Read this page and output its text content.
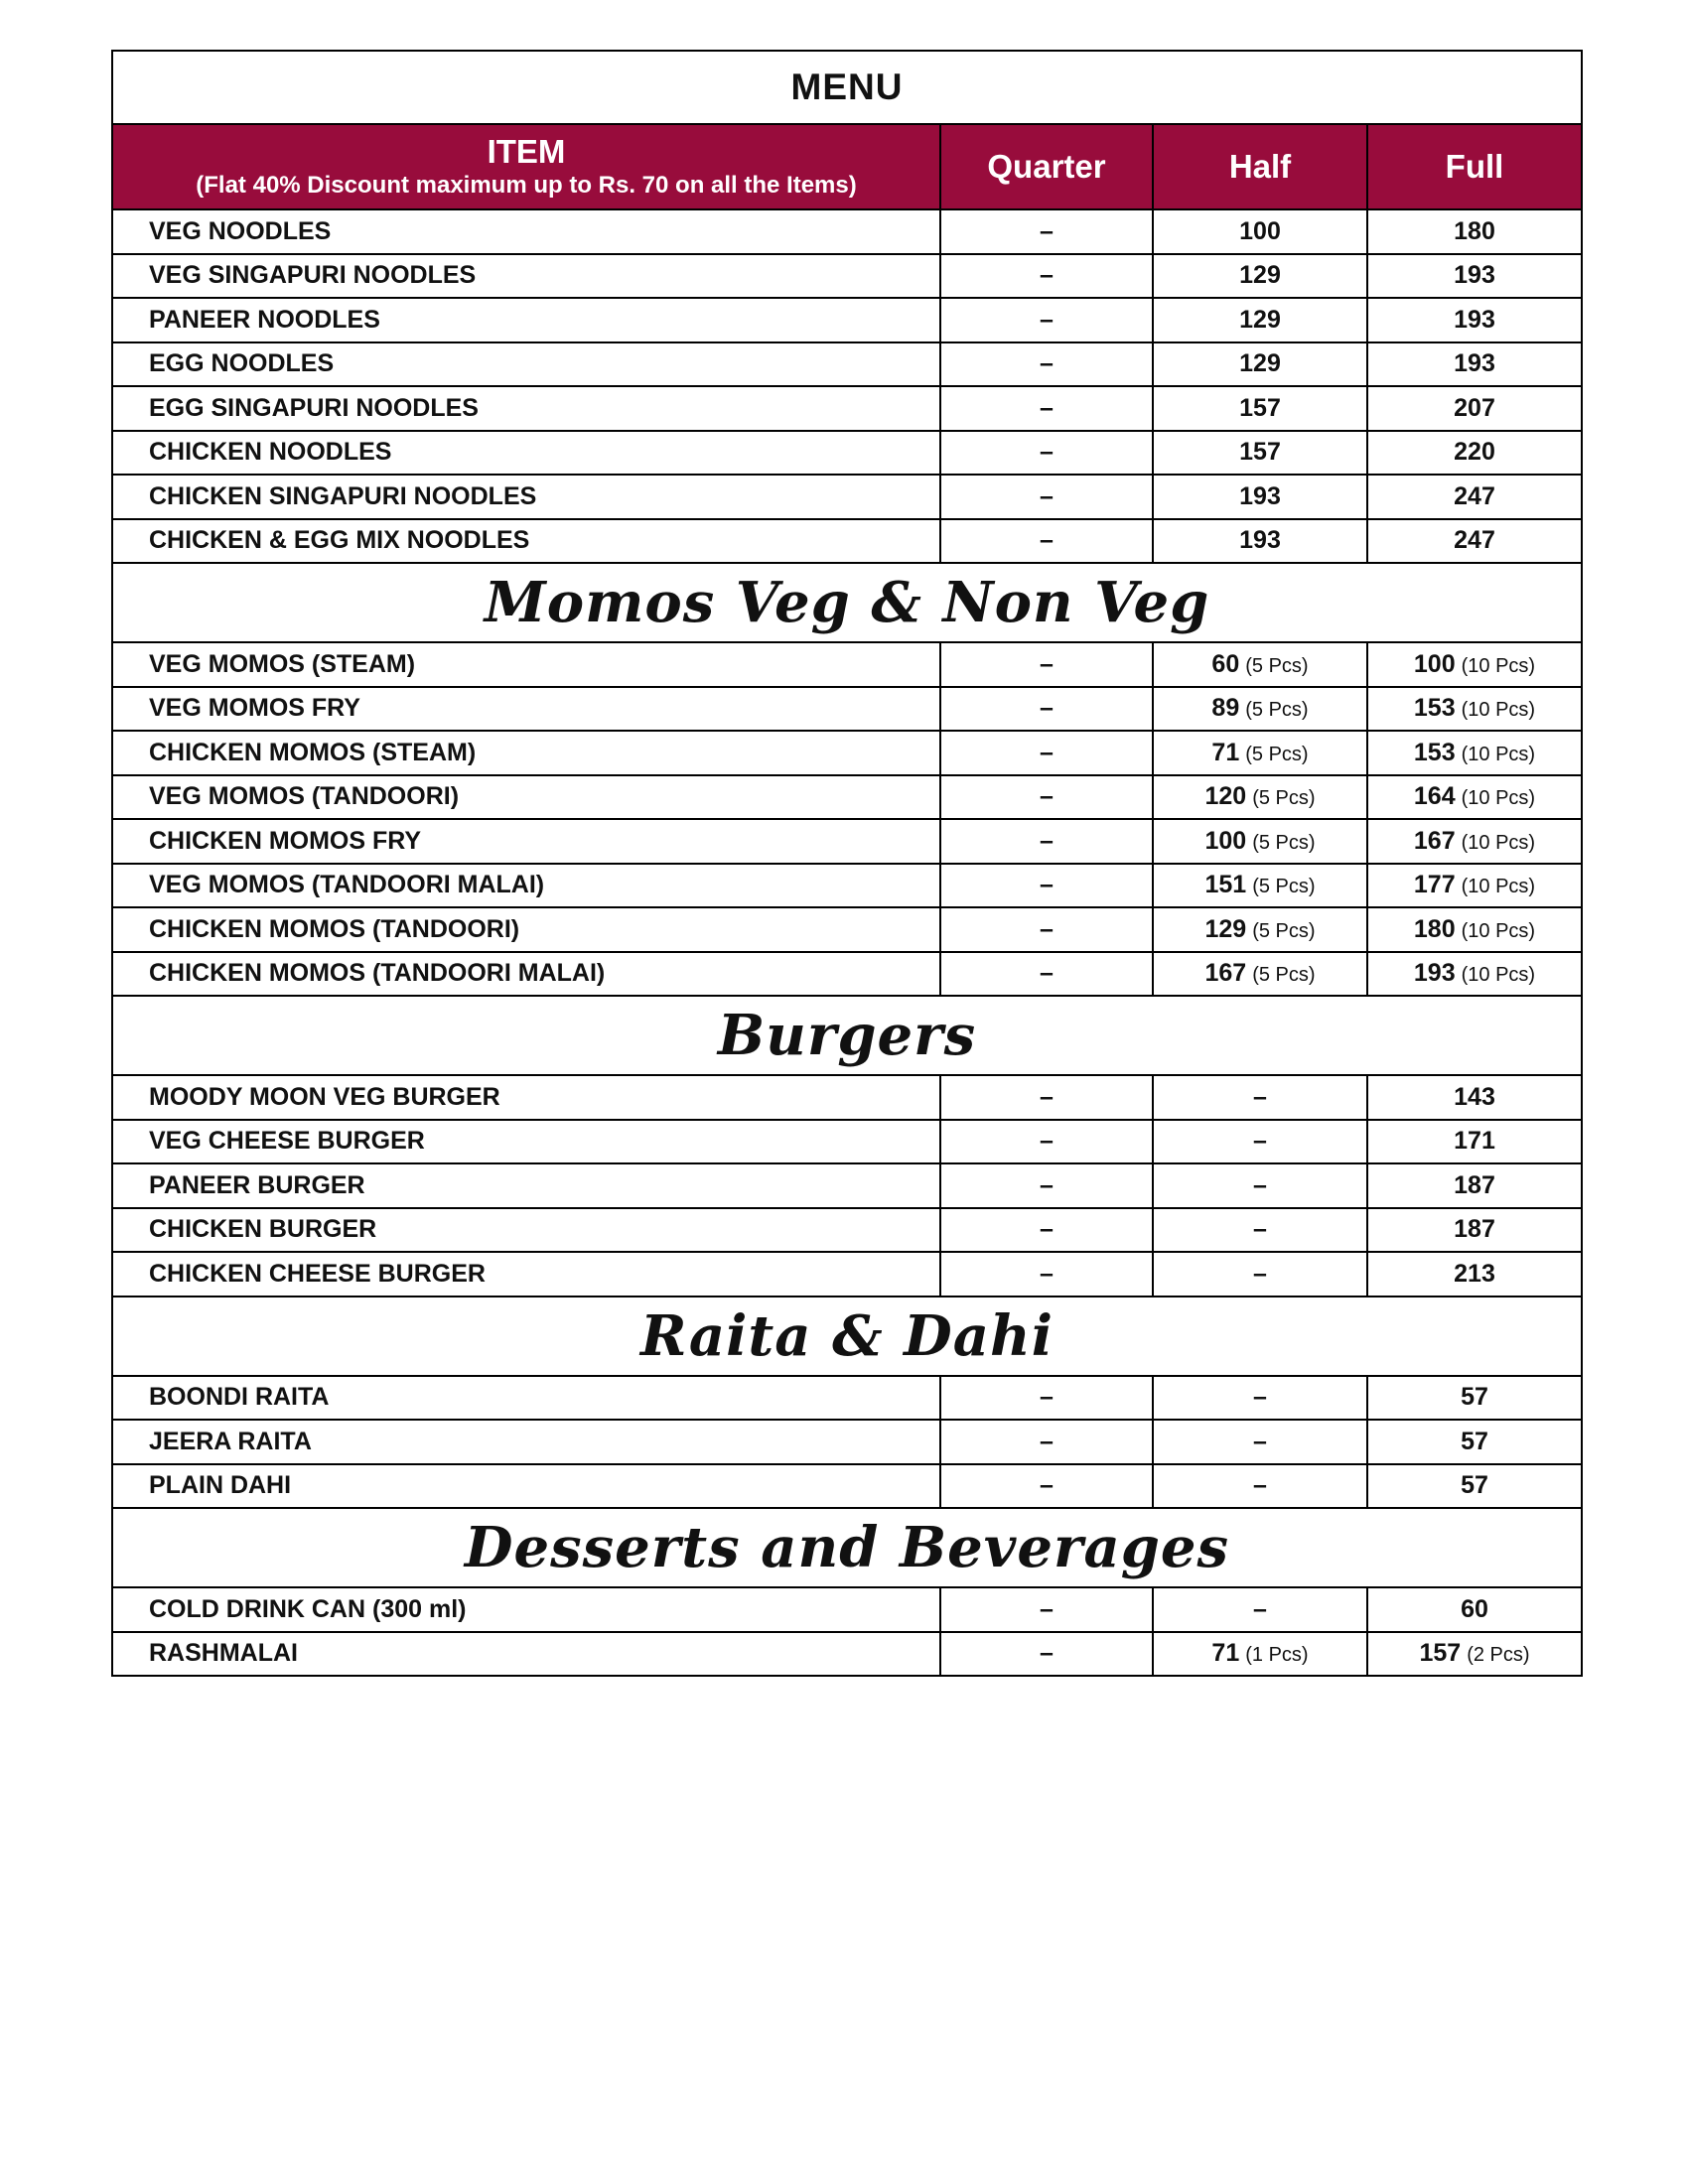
MENU			

ITEM
(Flat 40% Discount maximum up to Rs. 70 on all the Items)	Quarter	Half	Full
VEG NOODLES	–	100	180
VEG SINGAPURI NOODLES	–	129	193
PANEER NOODLES	–	129	193
EGG NOODLES	–	129	193
EGG SINGAPURI NOODLES	–	157	207
CHICKEN NOODLES	–	157	220
CHICKEN SINGAPURI NOODLES	–	193	247
CHICKEN & EGG MIX NOODLES	–	193	247
Momos Veg & Non Veg			
VEG MOMOS (STEAM)	–	60 (5 Pcs)	100 (10 Pcs)
VEG MOMOS FRY	–	89 (5 Pcs)	153 (10 Pcs)
CHICKEN MOMOS (STEAM)	–	71 (5 Pcs)	153 (10 Pcs)
VEG MOMOS (TANDOORI)	–	120 (5 Pcs)	164 (10 Pcs)
CHICKEN MOMOS FRY	–	100 (5 Pcs)	167 (10 Pcs)
VEG MOMOS (TANDOORI MALAI)	–	151 (5 Pcs)	177 (10 Pcs)
CHICKEN MOMOS (TANDOORI)	–	129 (5 Pcs)	180 (10 Pcs)
CHICKEN MOMOS (TANDOORI MALAI)	–	167 (5 Pcs)	193 (10 Pcs)
Burgers			
MOODY MOON VEG BURGER	–	–	143
VEG CHEESE BURGER	–	–	171
PANEER BURGER	–	–	187
CHICKEN BURGER	–	–	187
CHICKEN CHEESE BURGER	–	–	213
Raita & Dahi			
BOONDI RAITA	–	–	57
JEERA RAITA	–	–	57
PLAIN DAHI	–	–	57
Desserts and Beverages			
COLD DRINK CAN (300 ml)	–	–	60
RASHMALAI	–	71 (1 Pcs)	157 (2 Pcs)
